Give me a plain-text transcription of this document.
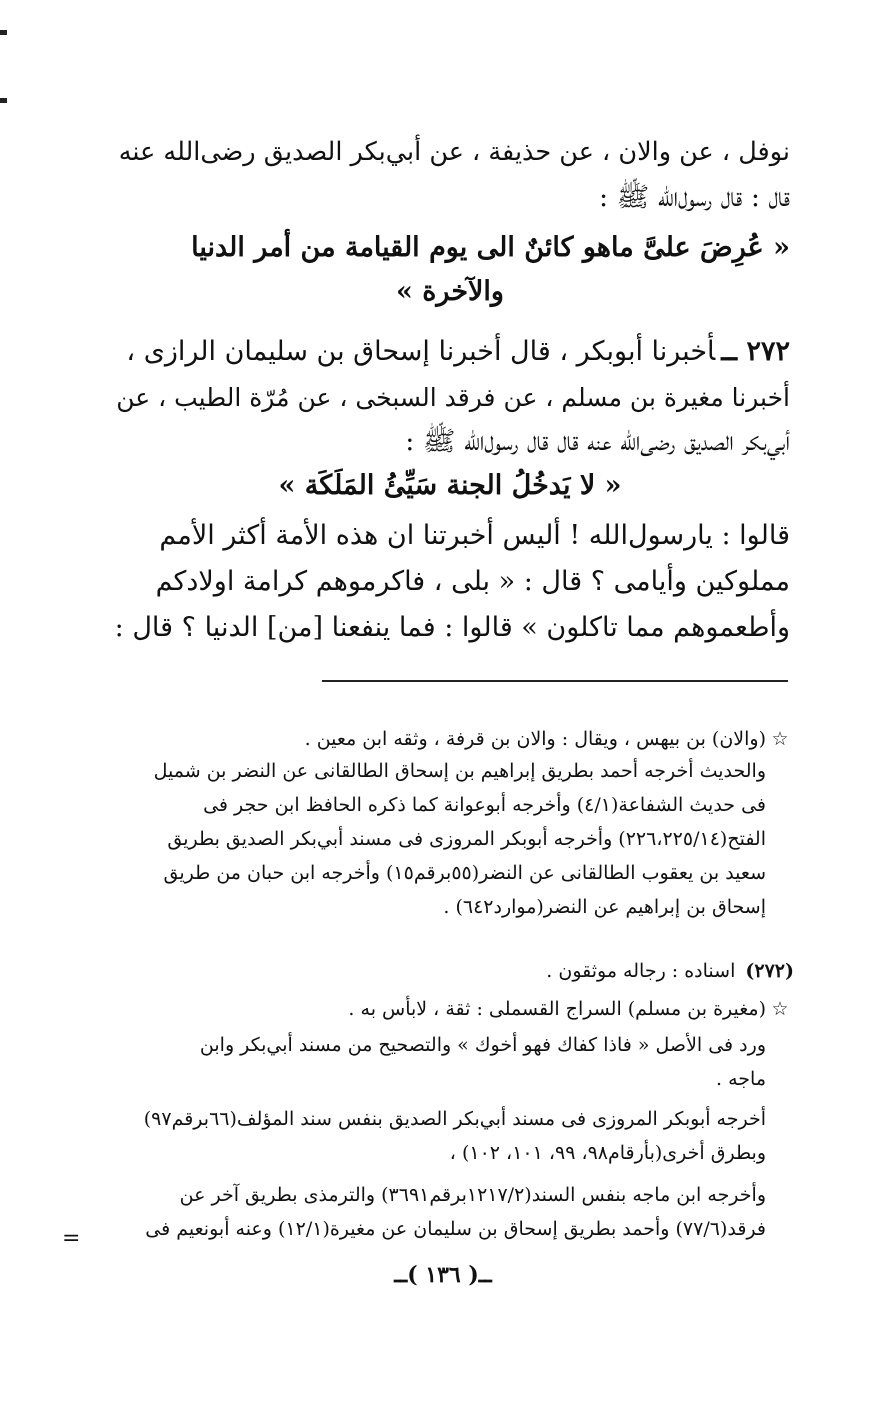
نوفل ، عن والان ، عن حذيفة ، عن أبي‌بكر الصديق رضى‌الله عنه
قال : قال رسول‌الله ﷺ :
« عُرِضَ علىَّ ماهو كائنٌ الى يوم القيامة من أمر الدنيا
والآخرة »
٢٧٢ ــأخبرنا أبوبكر ، قال أخبرنا إسحاق بن سليمان الرازى ،
أخبرنا مغيرة بن مسلم ، عن فرقد السبخى ، عن مُرّة الطيب ، عن
أبي‌بكر الصديق رضى‌الله عنه قال قال رسول‌الله ﷺ :
« لا يَدخُلُ الجنة سَيِّئُ المَلَكَة »
قالوا : يارسول‌الله ! أليس أخبرتنا ان هذه الأمة أكثر الأمم
مملوكين وأيامى ؟ قال : « بلى ، فاكرموهم كرامة اولادكم
وأطعموهم مما تاكلون » قالوا : فما ينفعنا [من] الدنيا ؟ قال :
☆(والان) بن بيهس ، ويقال : والان بن قرفة ، وثقه ابن معين .
والحديث أخرجه أحمد بطريق إبراهيم بن إسحاق الطالقانى عن النضر بن شميل
فى حديث الشفاعة(٤/١) وأخرجه أبوعوانة كما ذكره الحافظ ابن حجر فى
الفتح(٢٢٦،٢٢٥/١٤) وأخرجه أبوبكر المروزى فى مسند أبي‌بكر الصديق بطريق
سعيد بن يعقوب الطالقانى عن النضر(٥٥برقم١٥) وأخرجه ابن حبان من طريق
إسحاق بن إبراهيم عن النضر(موارد٦٤٢) .
(٢٧٢)اسناده : رجاله موثقون .
☆(مغيرة بن مسلم) السراج القسملى : ثقة ، لابأس به .
ورد فى الأصل « فاذا كفاك فهو أخوك » والتصحيح من مسند أبي‌بكر وابن
ماجه .
أخرجه أبوبكر المروزى فى مسند أبي‌بكر الصديق بنفس سند المؤلف(٦٦برقم٩٧)
وبطرق أخرى(بأرقام٩٨، ٩٩، ١٠١، ١٠٢) ،
وأخرجه ابن ماجه بنفس السند(١٢١٧/٢برقم٣٦٩١) والترمذى بطريق آخر عن
فرقد(٧٧/٦) وأحمد بطريق إسحاق بن سليمان عن مغيرة(١٢/١) وعنه أبونعيم فى
=
ــ( ١٣٦ )ــ
